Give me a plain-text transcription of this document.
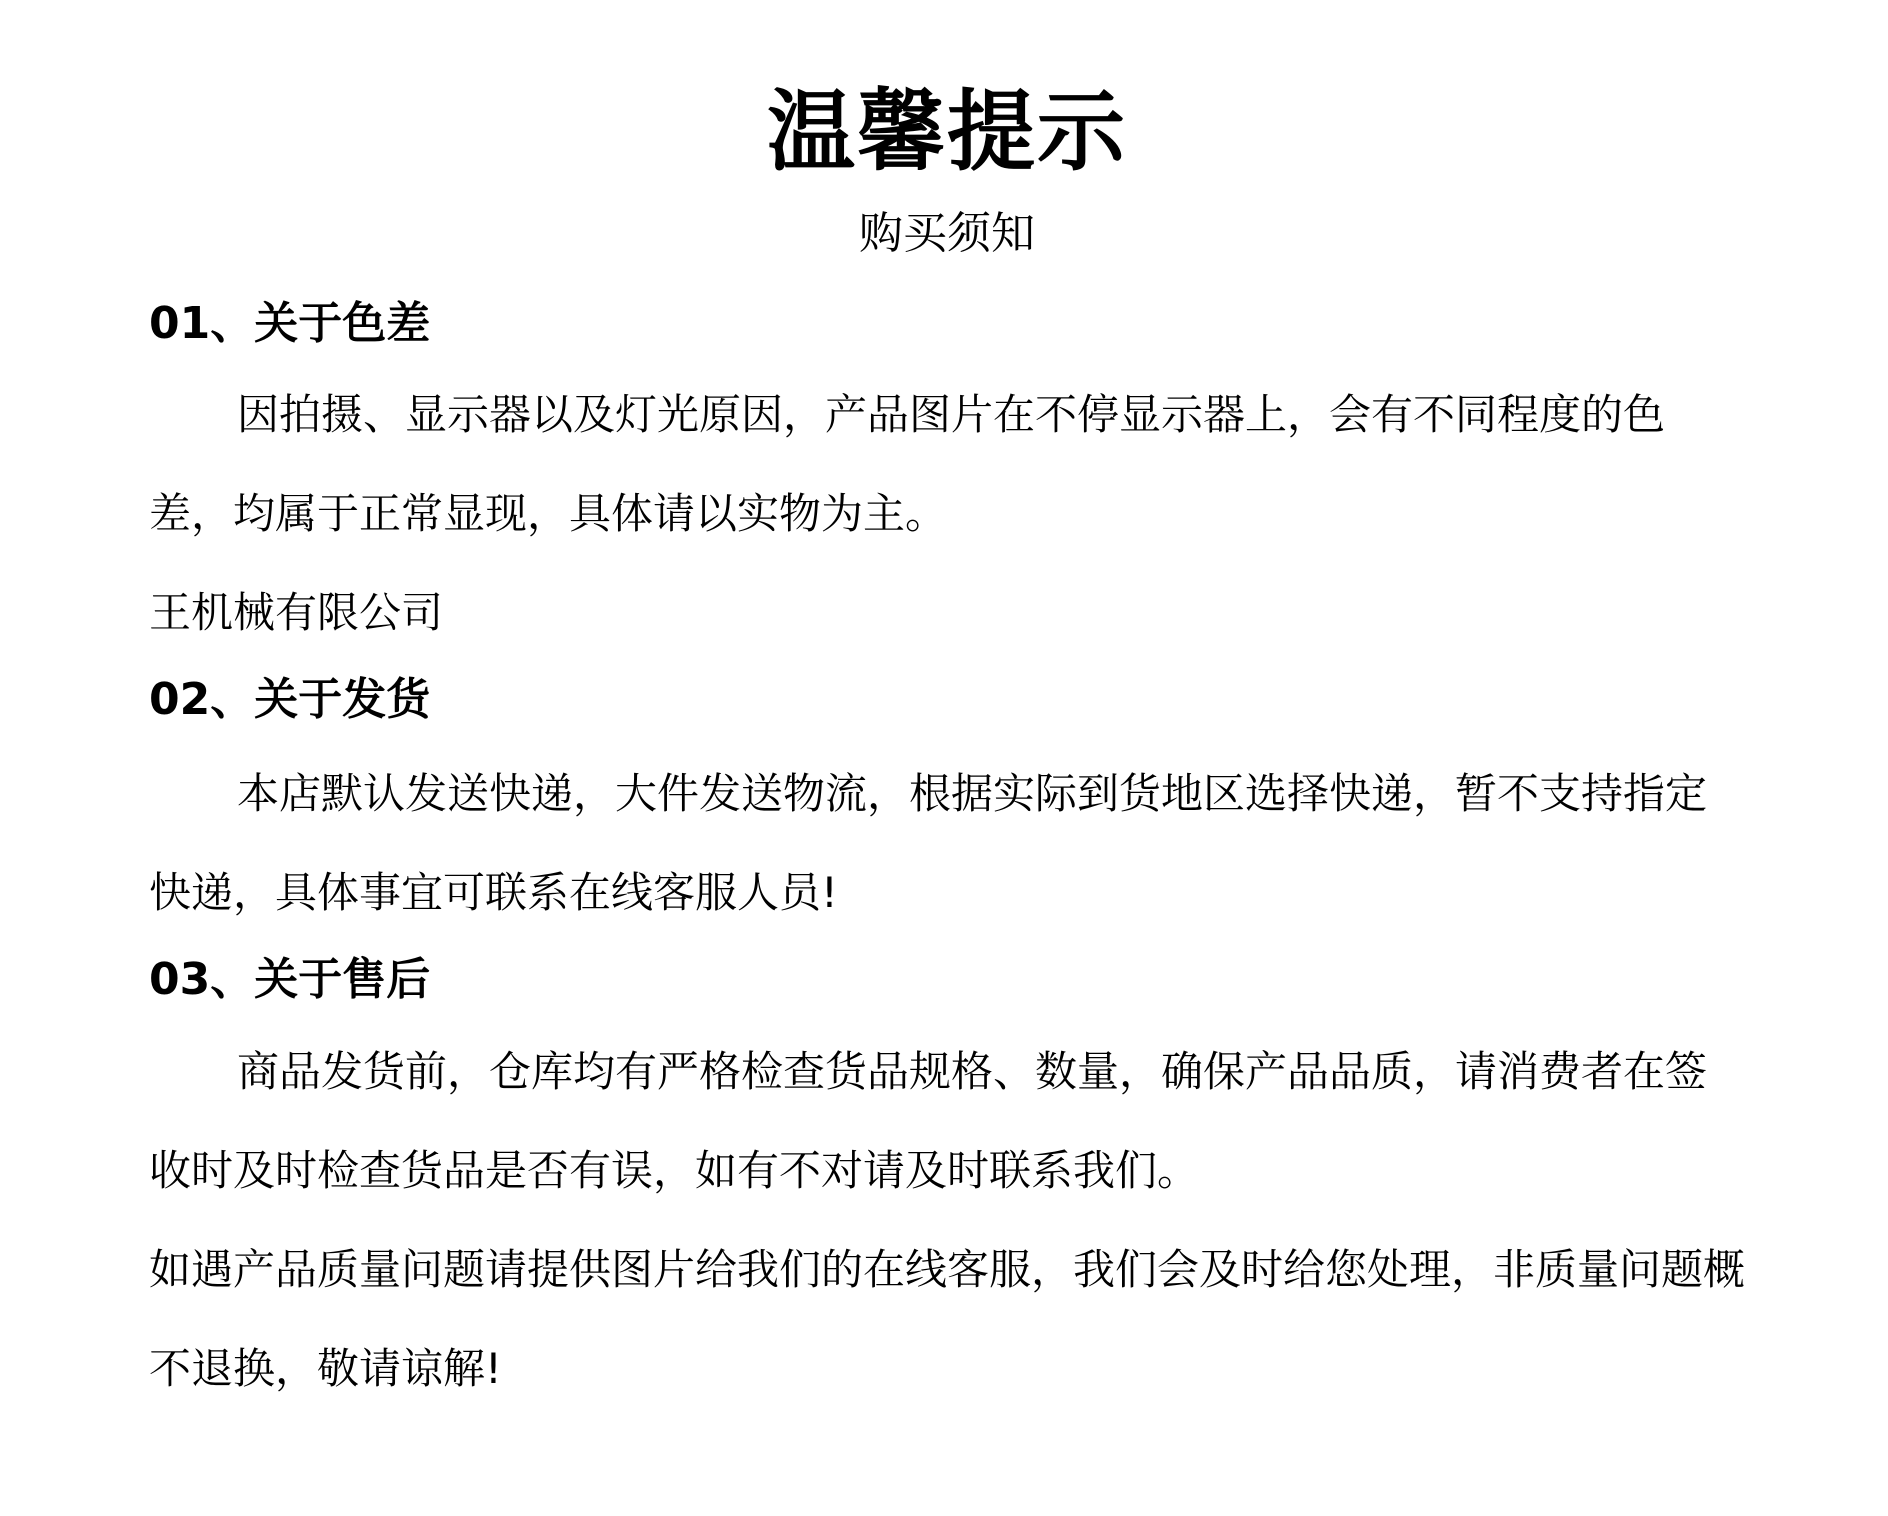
温馨提示
购买须知
01、关于色差

因拍摄、显示器以及灯光原因，产品图片在不停显示器上，会有不同程度的色差，均属于正常显现，具体请以实物为主。

王机械有限公司

02、关于发货

本店默认发送快递，大件发送物流，根据实际到货地区选择快递，暂不支持指定快递，具体事宜可联系在线客服人员!

03、关于售后

商品发货前，仓库均有严格检查货品规格、数量，确保产品品质，请消费者在签收时及时检查货品是否有误，如有不对请及时联系我们。

如遇产品质量问题请提供图片给我们的在线客服，我们会及时给您处理，非质量问题概不退换，敬请谅解!
